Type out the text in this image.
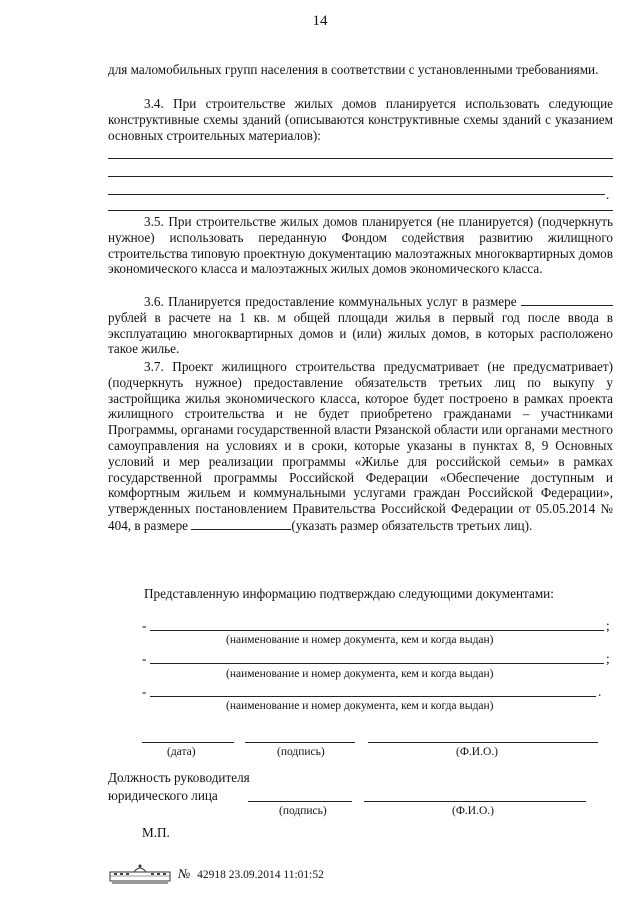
14

для маломобильных групп населения в соответствии с установленными требованиями.

3.4. При строительстве жилых домов планируется использовать следующие конструктивные схемы зданий (описываются конструктивные схемы зданий с указанием основных строительных материалов):

.

3.5. При строительстве жилых домов планируется (не планируется) (подчеркнуть нужное) использовать переданную Фондом содействия развитию жилищного строительства типовую проектную документацию малоэтажных многоквартирных домов экономического класса и малоэтажных жилых домов экономического класса.

3.6. Планируется предоставление коммунальных услуг в размере  рублей в расчете на 1 кв. м общей площади жилья в первый год после ввода в эксплуатацию многоквартирных домов и (или) жилых домов, в которых расположено такое жилье.

3.7. Проект жилищного строительства предусматривает (не предусматривает) (подчеркнуть нужное) предоставление обязательств третьих лиц по выкупу у застройщика жилья экономического класса, которое будет построено в рамках проекта жилищного строительства и не будет приобретено гражданами – участниками Программы, органами государственной власти Рязанской области или органами местного самоуправления на условиях и в сроки, которые указаны в пунктах 8, 9 Основных условий и мер реализации программы «Жилье для российской семьи» в рамках государственной программы Российской Федерации «Обеспечение доступным и комфортным жильем и коммунальными услугами граждан Российской Федерации», утвержденных постановлением Правительства Российской Федерации от 05.05.2014 № 404, в размере	(указать размер обязательств третьих лиц).

Представленную информацию подтверждаю следующими документами:

-	;
(наименование и номер документа, кем и когда выдан)
-	;
(наименование и номер документа, кем и когда выдан)
-	.
(наименование и номер документа, кем и когда выдан)
(дата)	(подпись)	(Ф.И.О.)
Должность руководителя
юридического лица
(подпись)	(Ф.И.О.)
М.П.
№ 42918 23.09.2014 11:01:52
